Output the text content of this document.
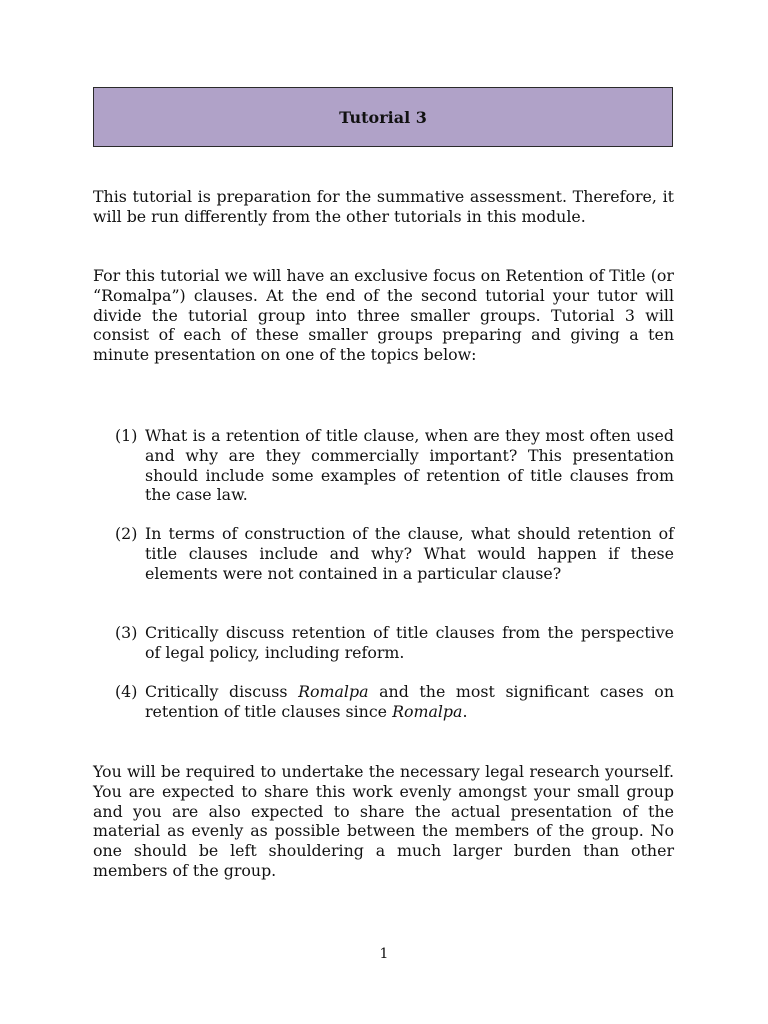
Tutorial 3

This tutorial is preparation for the summative assessment. Therefore, it will be run differently from the other tutorials in this module.

For this tutorial we will have an exclusive focus on Retention of Title (or “Romalpa”) clauses. At the end of the second tutorial your tutor will divide the tutorial group into three smaller groups. Tutorial 3 will consist of each of these smaller groups preparing and giving a ten minute presentation on one of the topics below:

(1) What is a retention of title clause, when are they most often used and why are they commercially important? This presentation should include some examples of retention of title clauses from the case law.

(2) In terms of construction of the clause, what should retention of title clauses include and why? What would happen if these elements were not contained in a particular clause?

(3) Critically discuss retention of title clauses from the perspective of legal policy, including reform.

(4) Critically discuss Romalpa and the most significant cases on retention of title clauses since Romalpa.

You will be required to undertake the necessary legal research yourself. You are expected to share this work evenly amongst your small group and you are also expected to share the actual presentation of the material as evenly as possible between the members of the group. No one should be left shouldering a much larger burden than other members of the group.

1
